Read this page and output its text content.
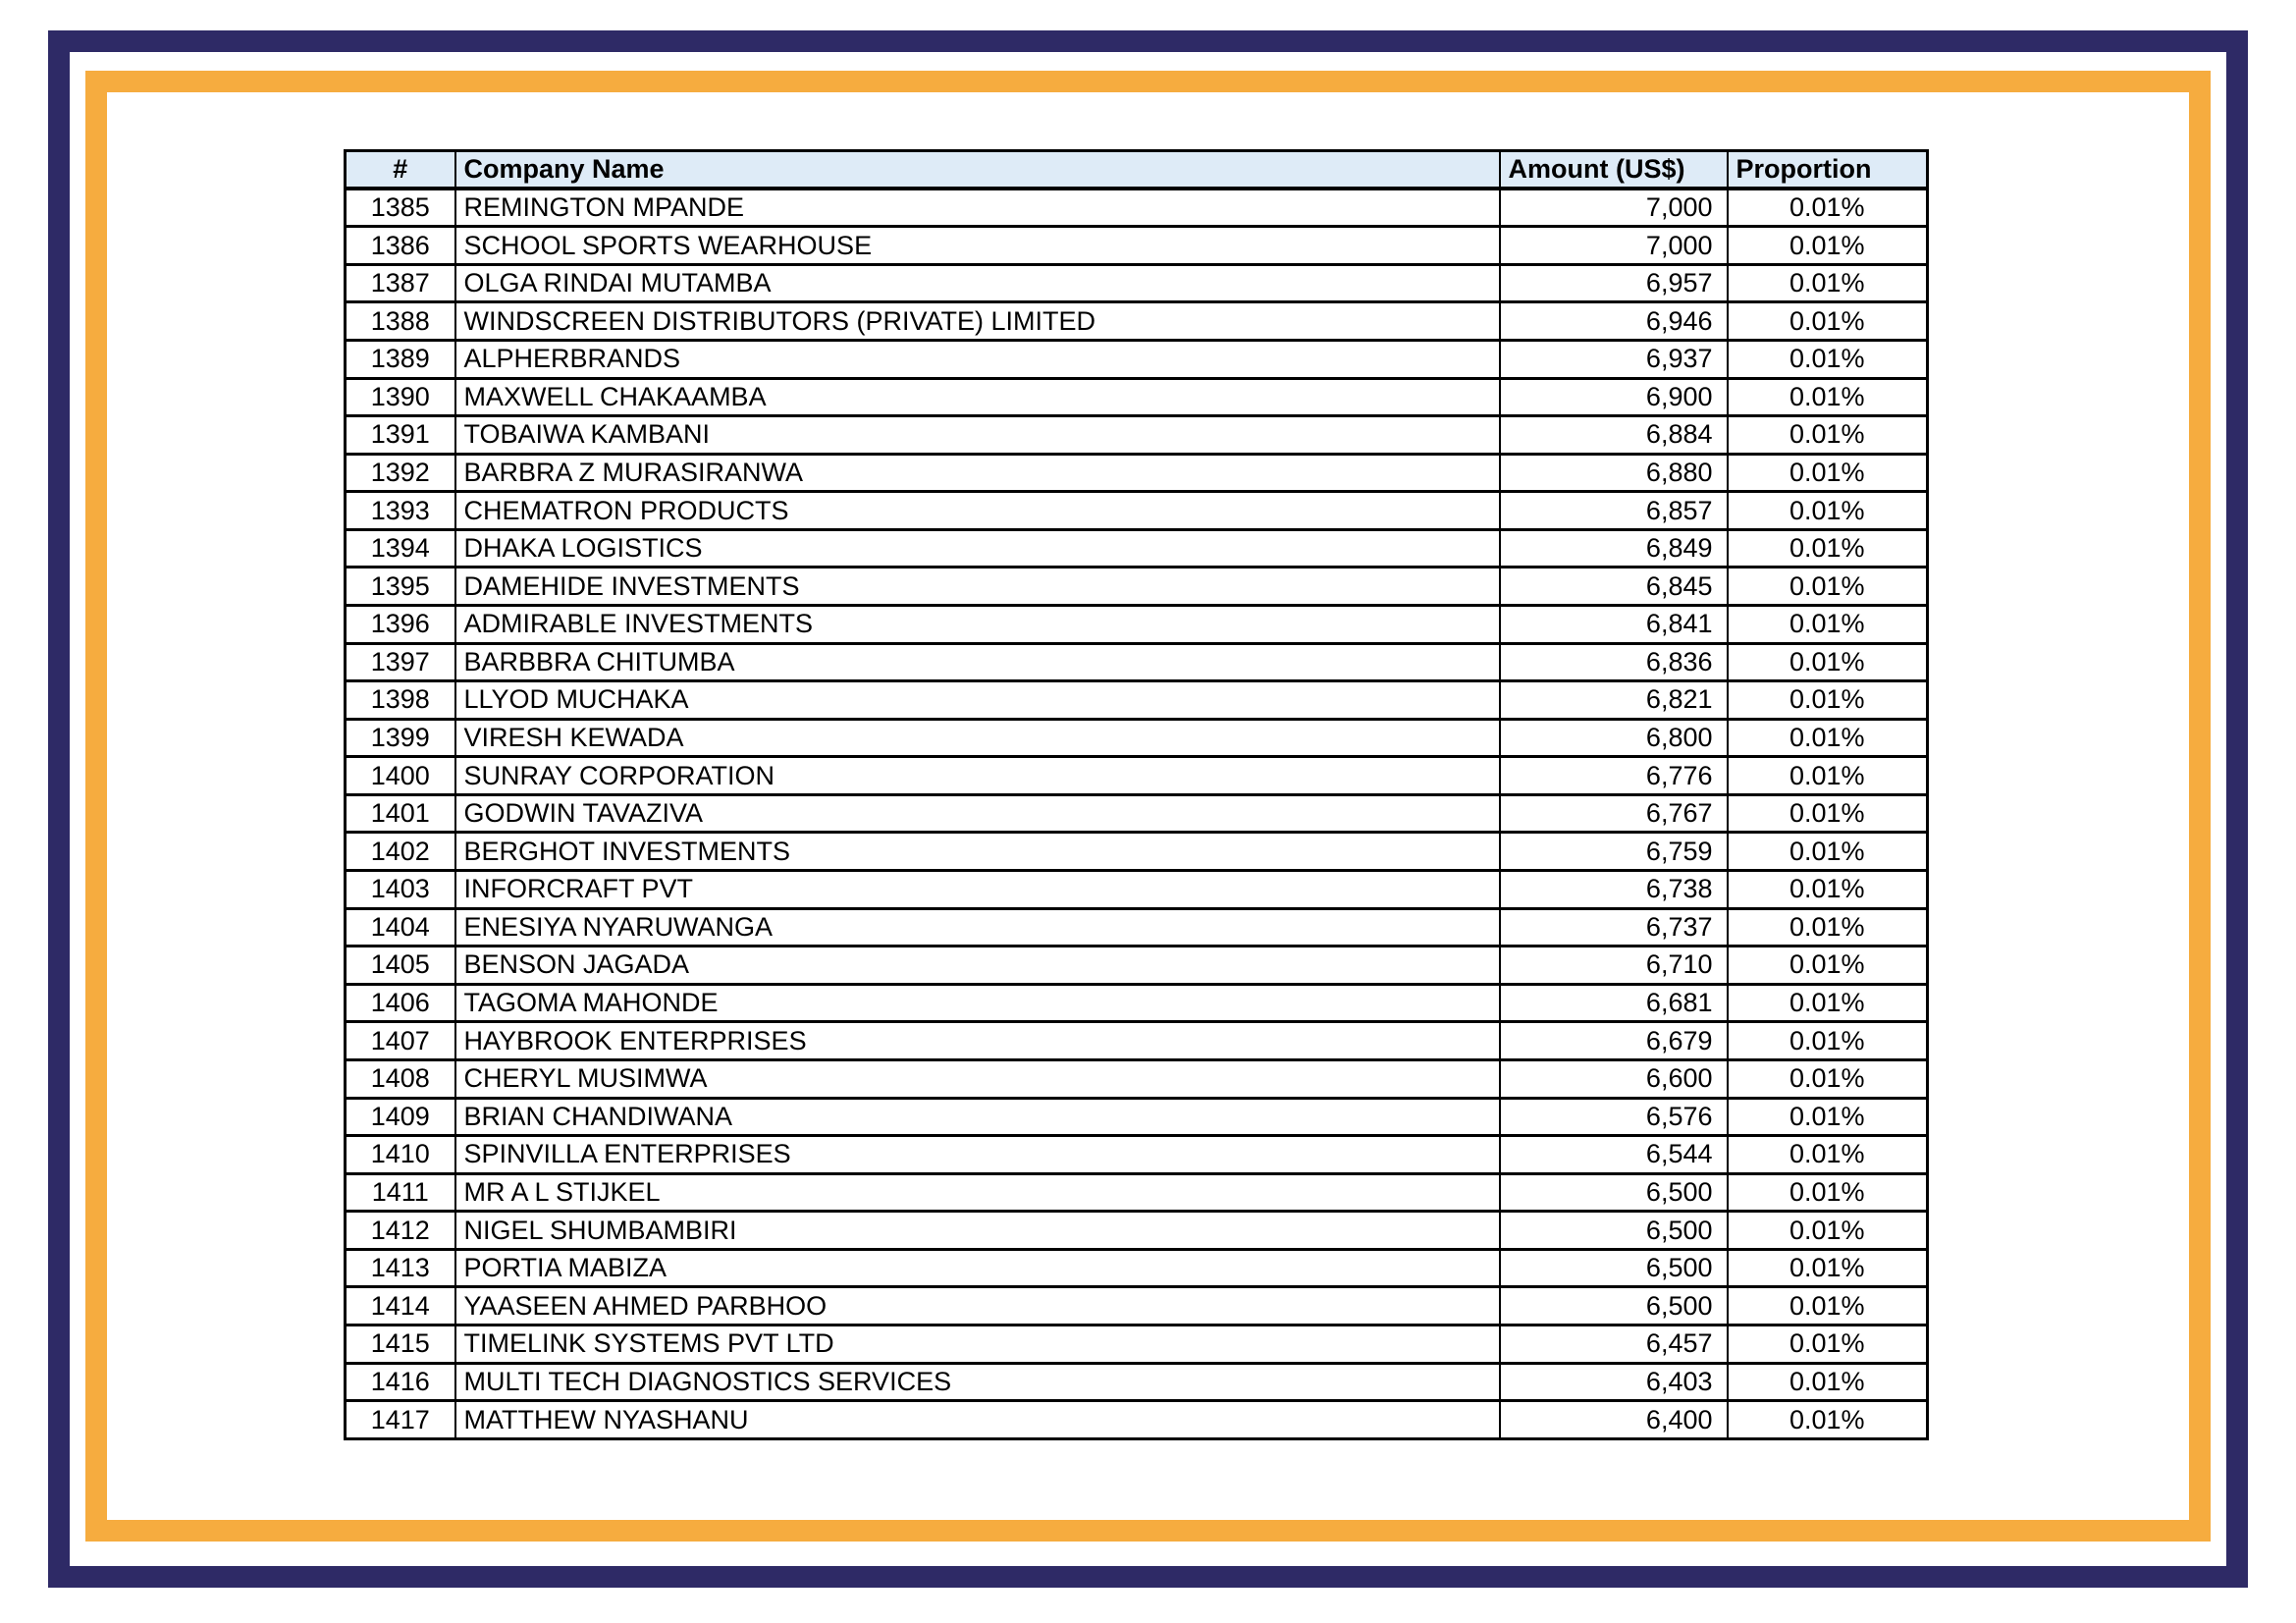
#	Company Name	Amount (US$)	Proportion
1385	REMINGTON MPANDE	7,000	0.01%
1386	SCHOOL SPORTS WEARHOUSE	7,000	0.01%
1387	OLGA RINDAI MUTAMBA	6,957	0.01%
1388	WINDSCREEN DISTRIBUTORS (PRIVATE) LIMITED	6,946	0.01%
1389	ALPHERBRANDS	6,937	0.01%
1390	MAXWELL CHAKAAMBA	6,900	0.01%
1391	TOBAIWA KAMBANI	6,884	0.01%
1392	BARBRA Z MURASIRANWA	6,880	0.01%
1393	CHEMATRON PRODUCTS	6,857	0.01%
1394	DHAKA LOGISTICS	6,849	0.01%
1395	DAMEHIDE INVESTMENTS	6,845	0.01%
1396	ADMIRABLE INVESTMENTS	6,841	0.01%
1397	BARBBRA CHITUMBA	6,836	0.01%
1398	LLYOD MUCHAKA	6,821	0.01%
1399	VIRESH KEWADA	6,800	0.01%
1400	SUNRAY CORPORATION	6,776	0.01%
1401	GODWIN TAVAZIVA	6,767	0.01%
1402	BERGHOT INVESTMENTS	6,759	0.01%
1403	INFORCRAFT PVT	6,738	0.01%
1404	ENESIYA NYARUWANGA	6,737	0.01%
1405	BENSON JAGADA	6,710	0.01%
1406	TAGOMA MAHONDE	6,681	0.01%
1407	HAYBROOK ENTERPRISES	6,679	0.01%
1408	CHERYL MUSIMWA	6,600	0.01%
1409	BRIAN CHANDIWANA	6,576	0.01%
1410	SPINVILLA ENTERPRISES	6,544	0.01%
1411	MR A L STIJKEL	6,500	0.01%
1412	NIGEL SHUMBAMBIRI	6,500	0.01%
1413	PORTIA MABIZA	6,500	0.01%
1414	YAASEEN AHMED PARBHOO	6,500	0.01%
1415	TIMELINK SYSTEMS PVT LTD	6,457	0.01%
1416	MULTI TECH DIAGNOSTICS SERVICES	6,403	0.01%
1417	MATTHEW NYASHANU	6,400	0.01%
